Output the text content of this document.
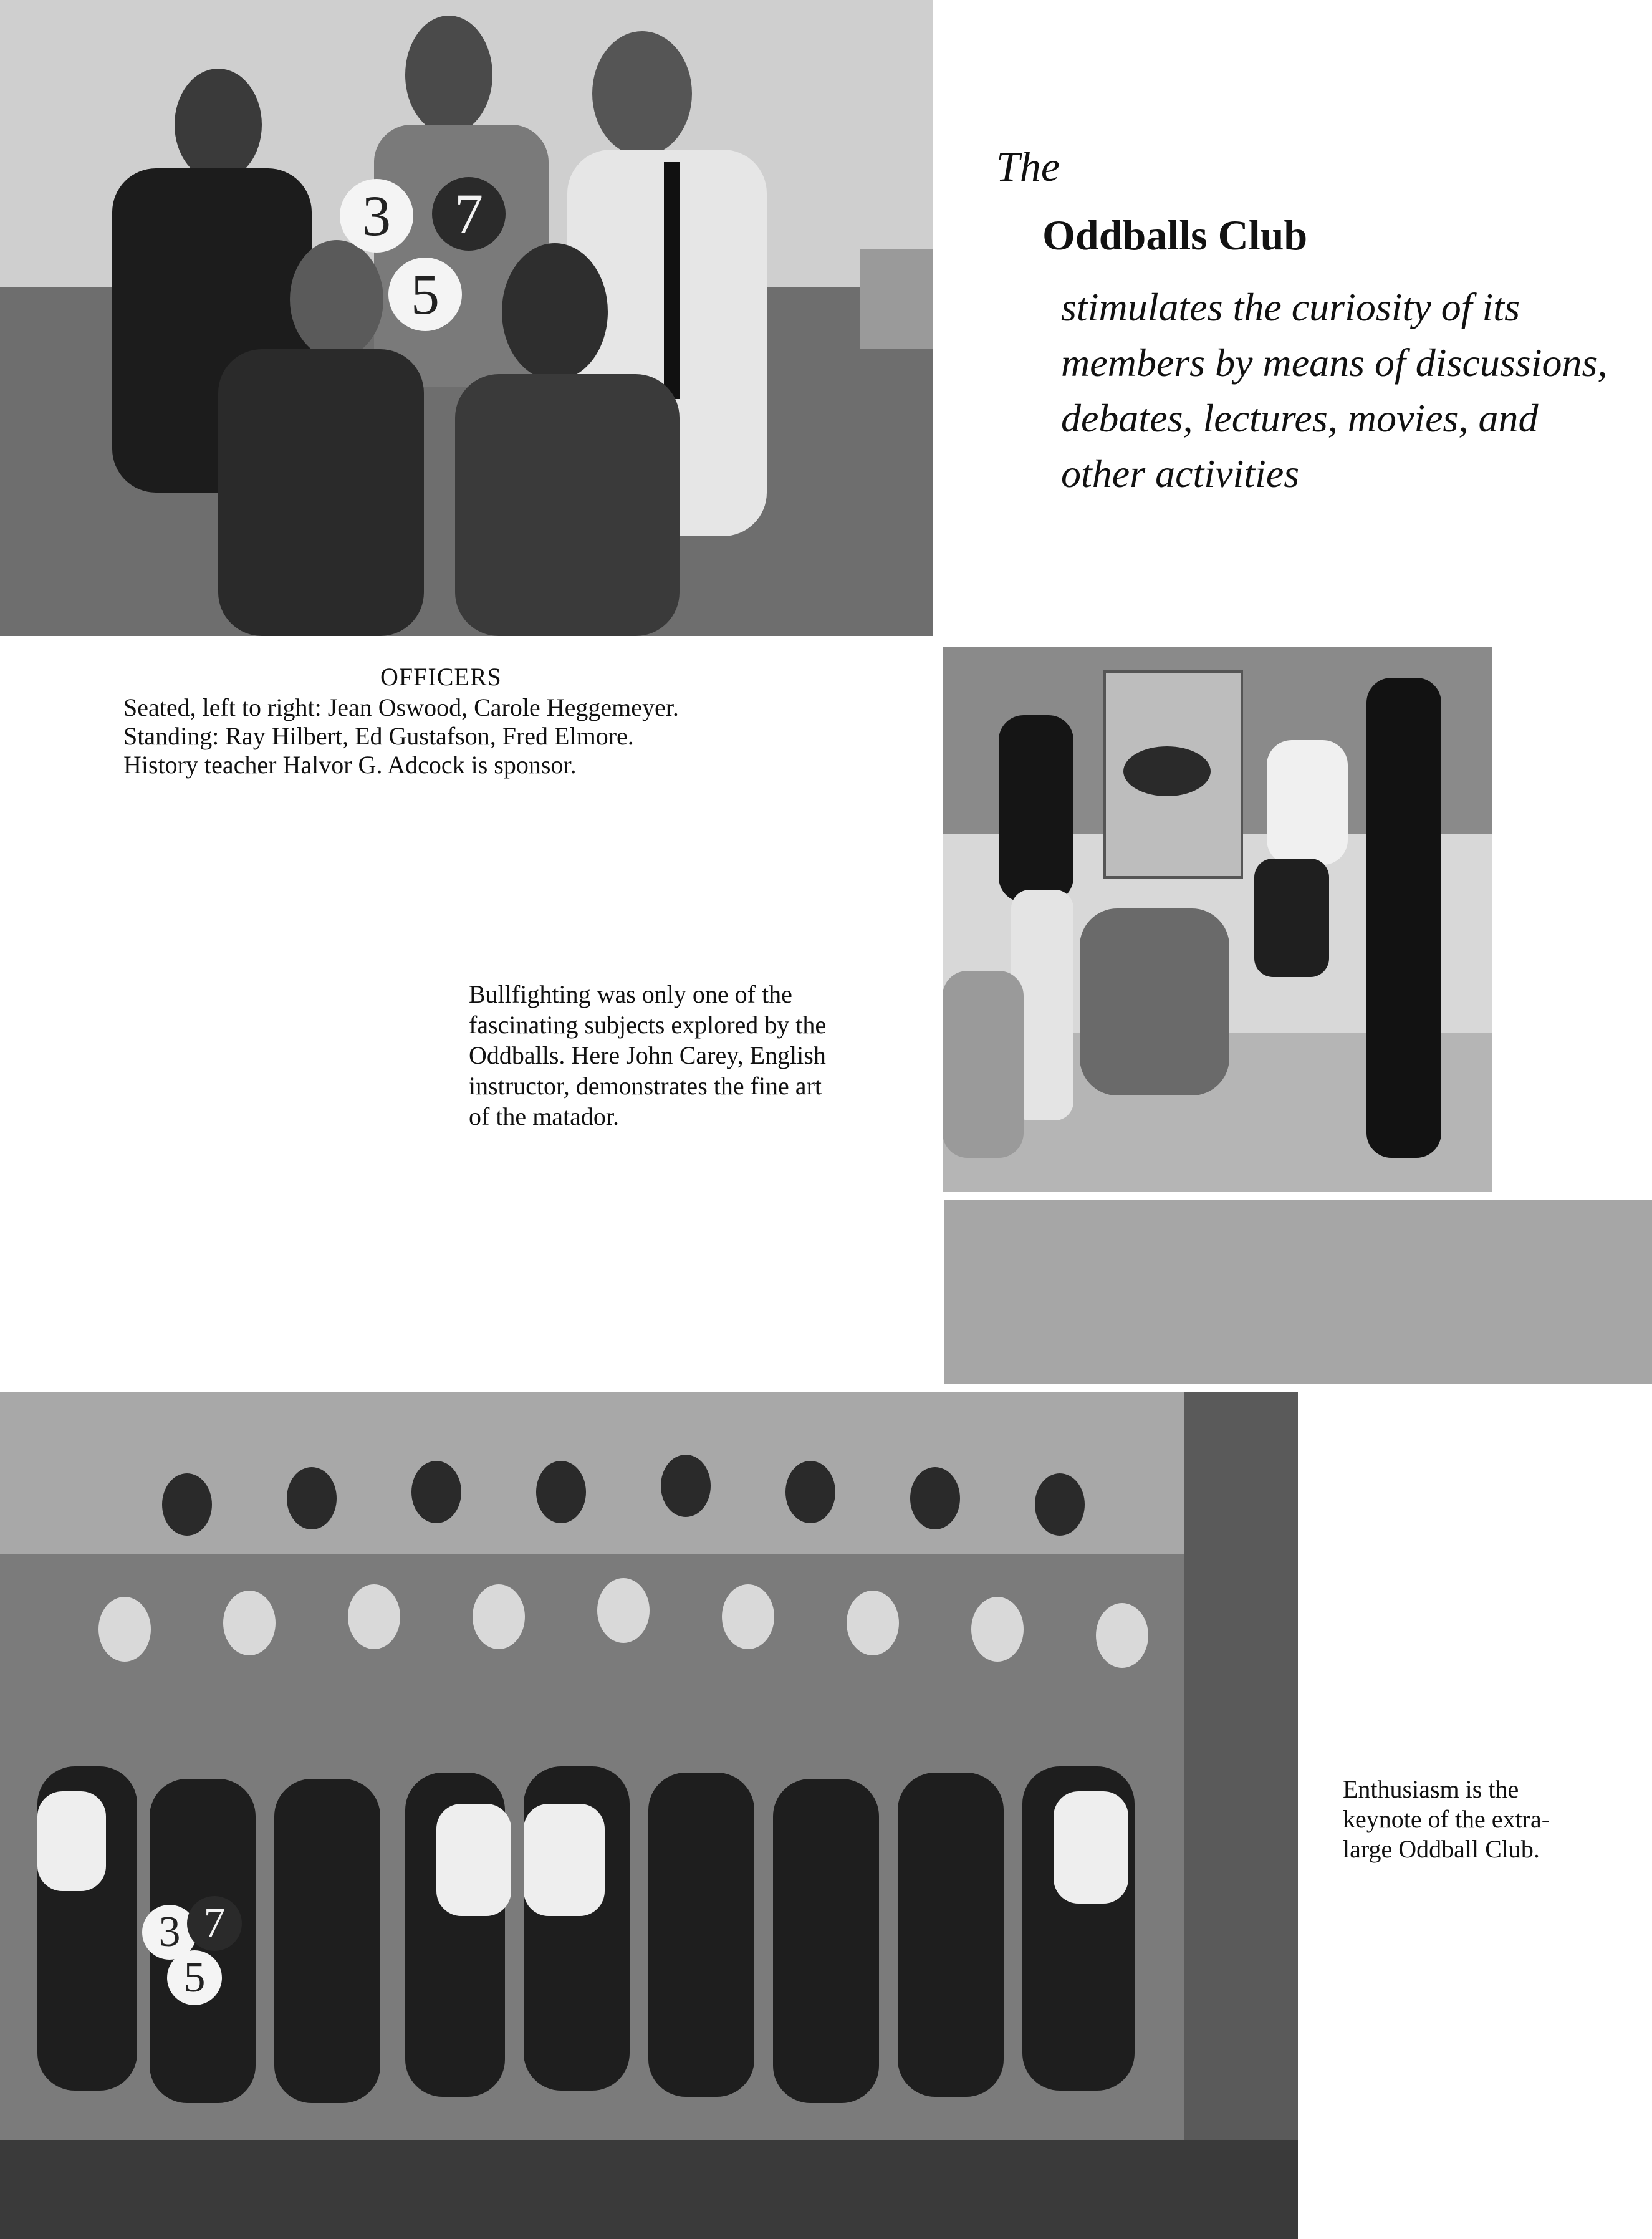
3	7
5
The
Oddballs Club
stimulates the curiosity of its
members by means of discussions,
debates, lectures, movies, and
other activities
OFFICERS
Seated, left to right: Jean Oswood, Carole Heggemeyer.
Standing: Ray Hilbert, Ed Gustafson, Fred Elmore.
History teacher Halvor G. Adcock is sponsor.
Bullfighting was only one of the
fascinating subjects explored by the
Oddballs. Here John Carey, English
instructor, demonstrates the fine art
of the matador.
3 7
5
Enthusiasm is the
keynote of the extra-
large Oddball Club.
